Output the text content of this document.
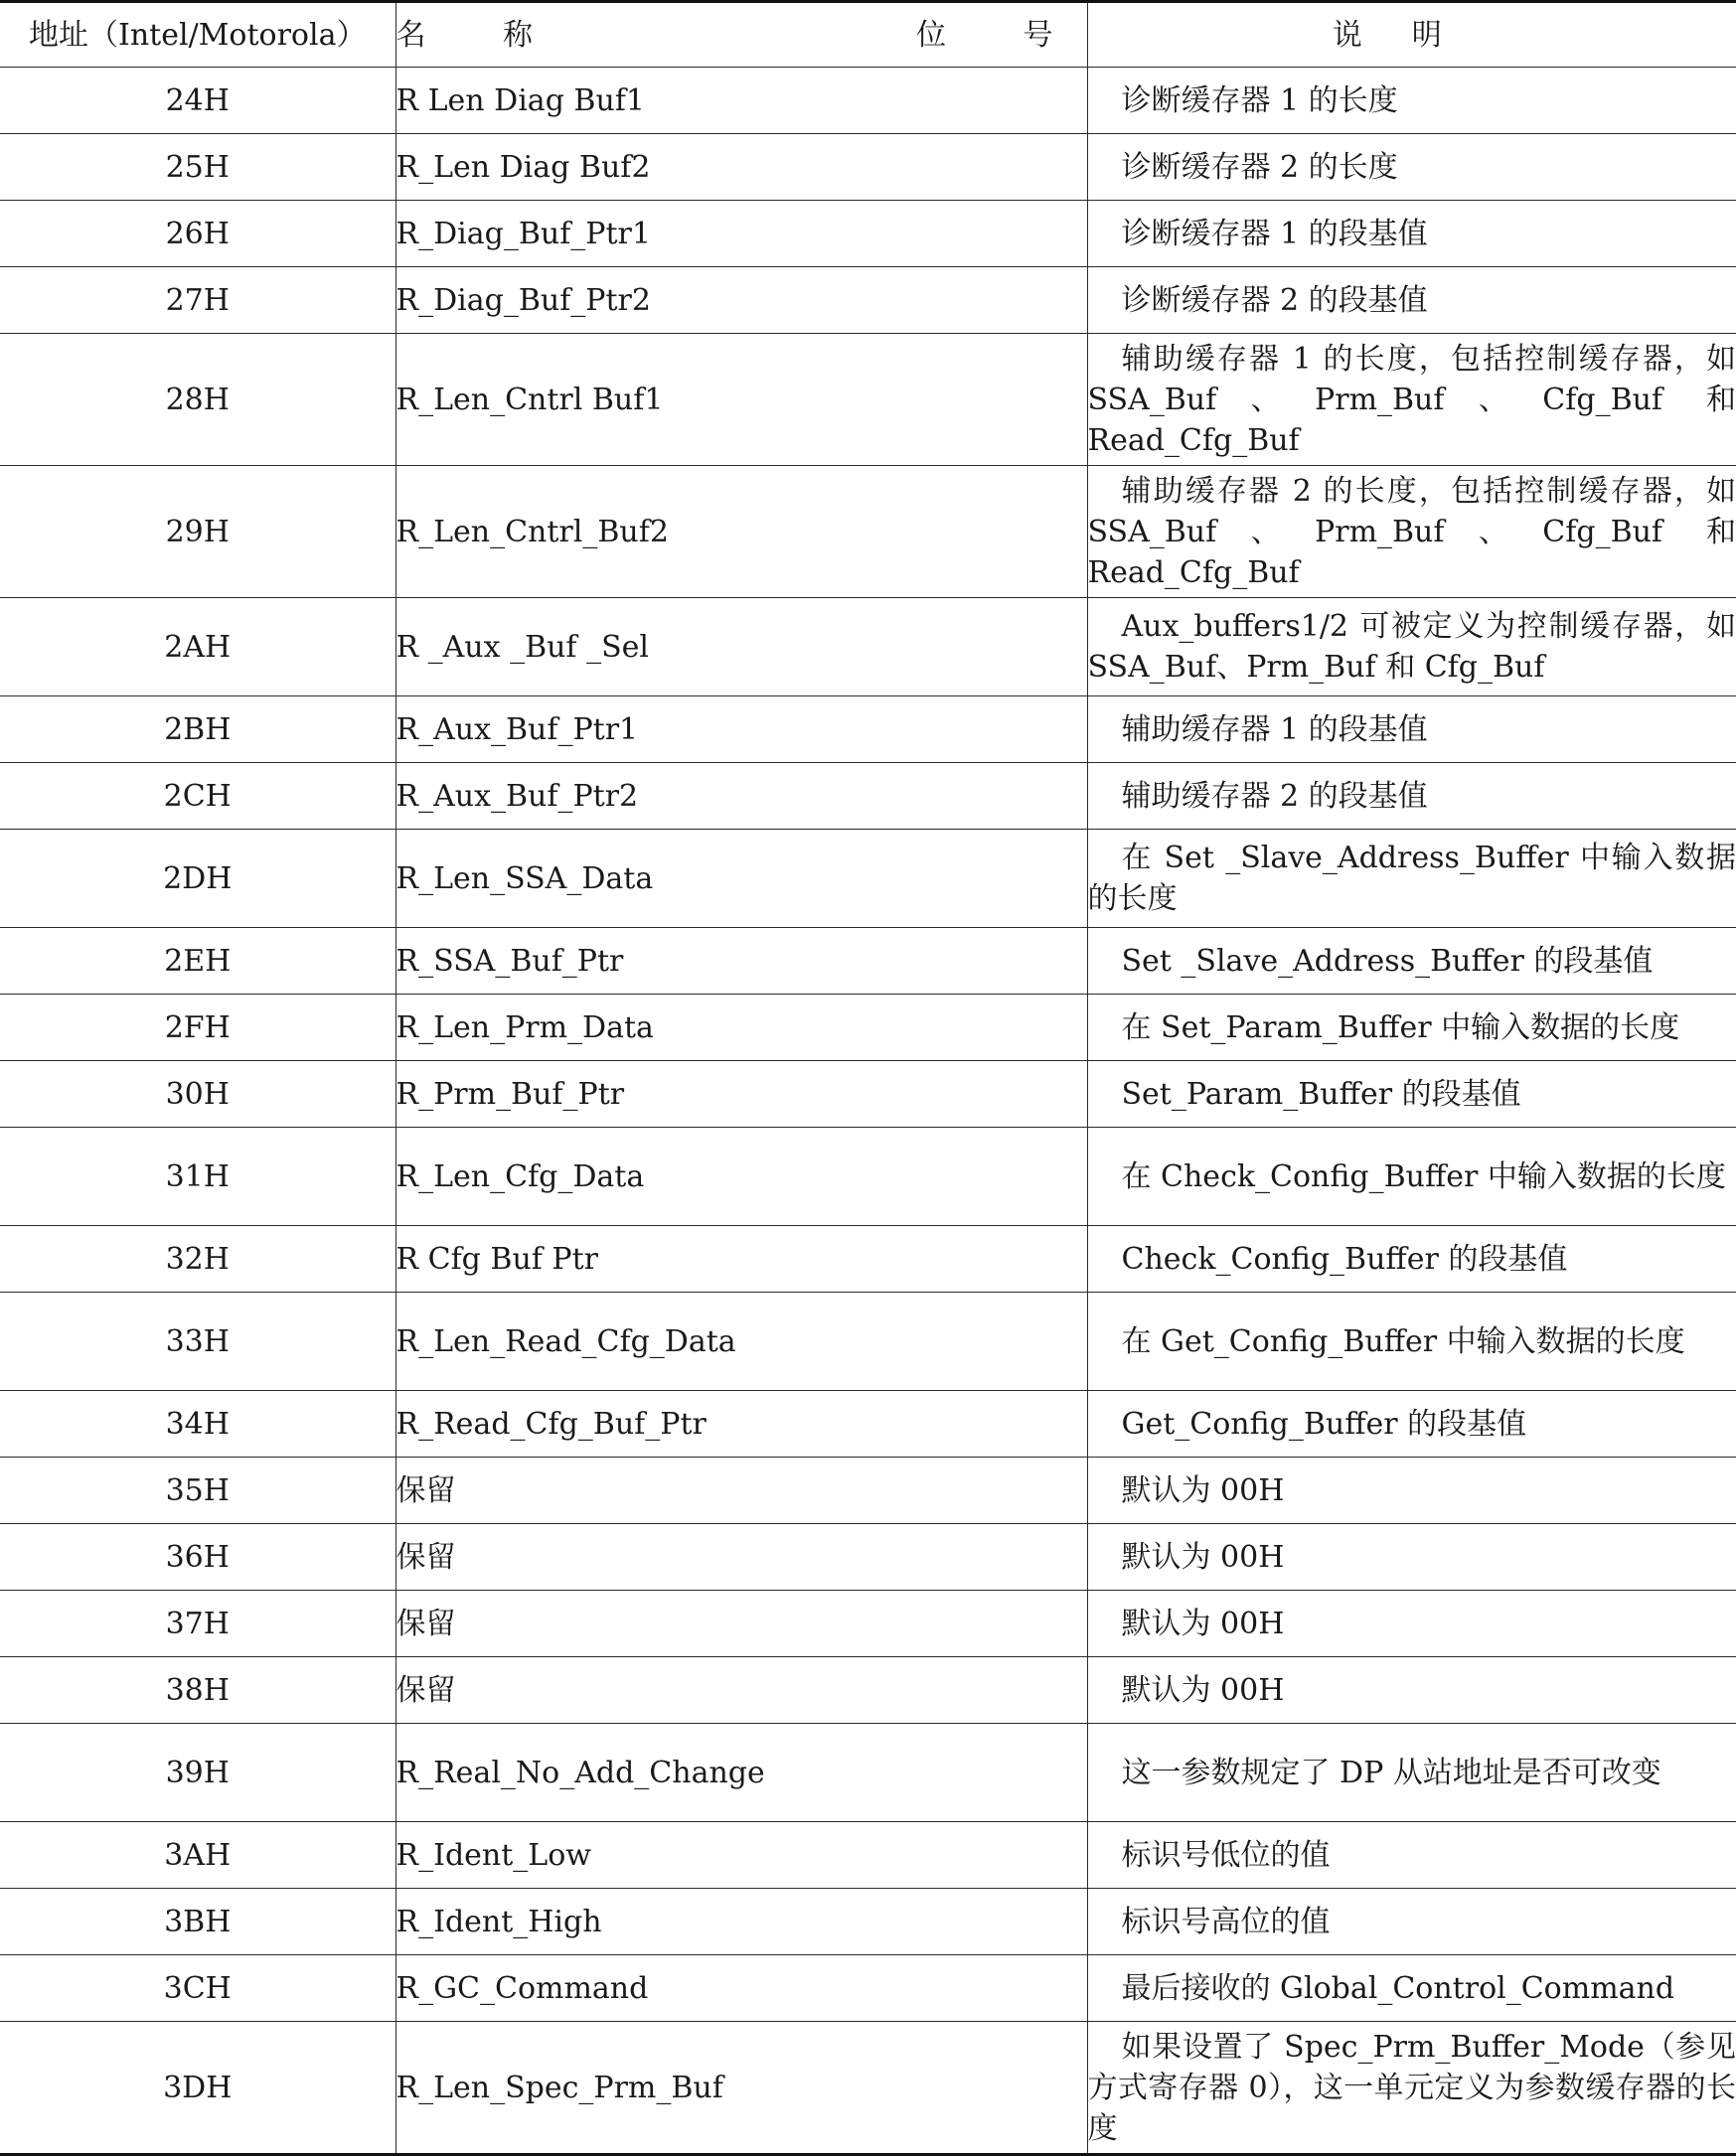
地址（Intel/Motorola）	名 称 位 号	说明
24H	R Len Diag Buf1	诊断缓存器 1 的长度
25H	R_Len Diag Buf2	诊断缓存器 2 的长度
26H	R_Diag_Buf_Ptr1	诊断缓存器 1 的段基值
27H	R_Diag_Buf_Ptr2	诊断缓存器 2 的段基值
28H	R_Len_Cntrl Buf1	辅助缓存器 1 的长度，包括控制缓存器，如 SSA_Buf、Prm_Buf、Cfg_Buf 和 Read_Cfg_Buf
29H	R_Len_Cntrl_Buf2	辅助缓存器 2 的长度，包括控制缓存器，如 SSA_Buf、Prm_Buf、Cfg_Buf 和 Read_Cfg_Buf
2AH	R _Aux _Buf _Sel	Aux_buffers1/2 可被定义为控制缓存器，如 SSA_Buf、Prm_Buf 和 Cfg_Buf
2BH	R_Aux_Buf_Ptr1	辅助缓存器 1 的段基值
2CH	R_Aux_Buf_Ptr2	辅助缓存器 2 的段基值
2DH	R_Len_SSA_Data	在 Set _Slave_Address_Buffer 中输入数据的长度
2EH	R_SSA_Buf_Ptr	Set _Slave_Address_Buffer 的段基值
2FH	R_Len_Prm_Data	在 Set_Param_Buffer 中输入数据的长度
30H	R_Prm_Buf_Ptr	Set_Param_Buffer 的段基值
31H	R_Len_Cfg_Data	在 Check_Config_Buffer 中输入数据的长度
32H	R Cfg Buf Ptr	Check_Config_Buffer 的段基值
33H	R_Len_Read_Cfg_Data	在 Get_Config_Buffer 中输入数据的长度
34H	R_Read_Cfg_Buf_Ptr	Get_Config_Buffer 的段基值
35H	保留	默认为 00H
36H	保留	默认为 00H
37H	保留	默认为 00H
38H	保留	默认为 00H
39H	R_Real_No_Add_Change	这一参数规定了 DP 从站地址是否可改变
3AH	R_Ident_Low	标识号低位的值
3BH	R_Ident_High	标识号高位的值
3CH	R_GC_Command	最后接收的 Global_Control_Command
3DH	R_Len_Spec_Prm_Buf	如果设置了 Spec_Prm_Buffer_Mode（参见方式寄存器 0），这一单元定义为参数缓存器的长度
